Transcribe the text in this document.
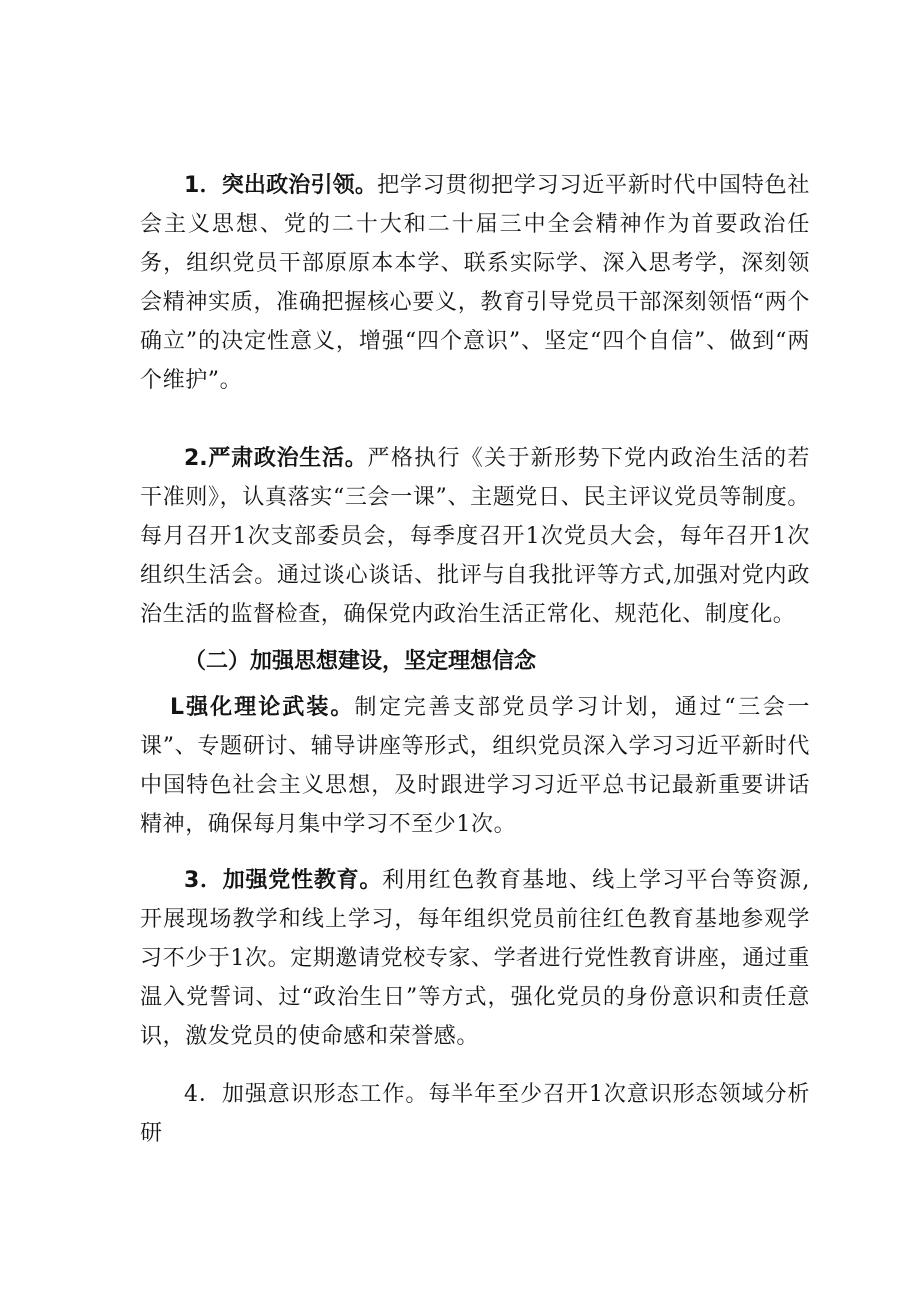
1．突出政治引领。把学习贯彻把学习习近平新时代中国特色社会主义思想、党的二十大和二十届三中全会精神作为首要政治任务，组织党员干部原原本本学、联系实际学、深入思考学，深刻领会精神实质，准确把握核心要义，教育引导党员干部深刻领悟“两个确立”的决定性意义，增强“四个意识”、坚定“四个自信”、做到“两个维护”。

2.严肃政治生活。严格执行《关于新形势下党内政治生活的若干准则》，认真落实“三会一课”、主题党日、民主评议党员等制度。每月召开1次支部委员会，每季度召开1次党员大会，每年召开1次组织生活会。通过谈心谈话、批评与自我批评等方式,加强对党内政治生活的监督检查，确保党内政治生活正常化、规范化、制度化。

（二）加强思想建设，坚定理想信念

L强化理论武装。制定完善支部党员学习计划，通过“三会一课”、专题研讨、辅导讲座等形式，组织党员深入学习习近平新时代中国特色社会主义思想，及时跟进学习习近平总书记最新重要讲话精神，确保每月集中学习不至少1次。

3．加强党性教育。利用红色教育基地、线上学习平台等资源,开展现场教学和线上学习，每年组织党员前往红色教育基地参观学习不少于1次。定期邀请党校专家、学者进行党性教育讲座，通过重温入党誓词、过“政治生日”等方式，强化党员的身份意识和责任意识，激发党员的使命感和荣誉感。

4．加强意识形态工作。每半年至少召开1次意识形态领域分析研
